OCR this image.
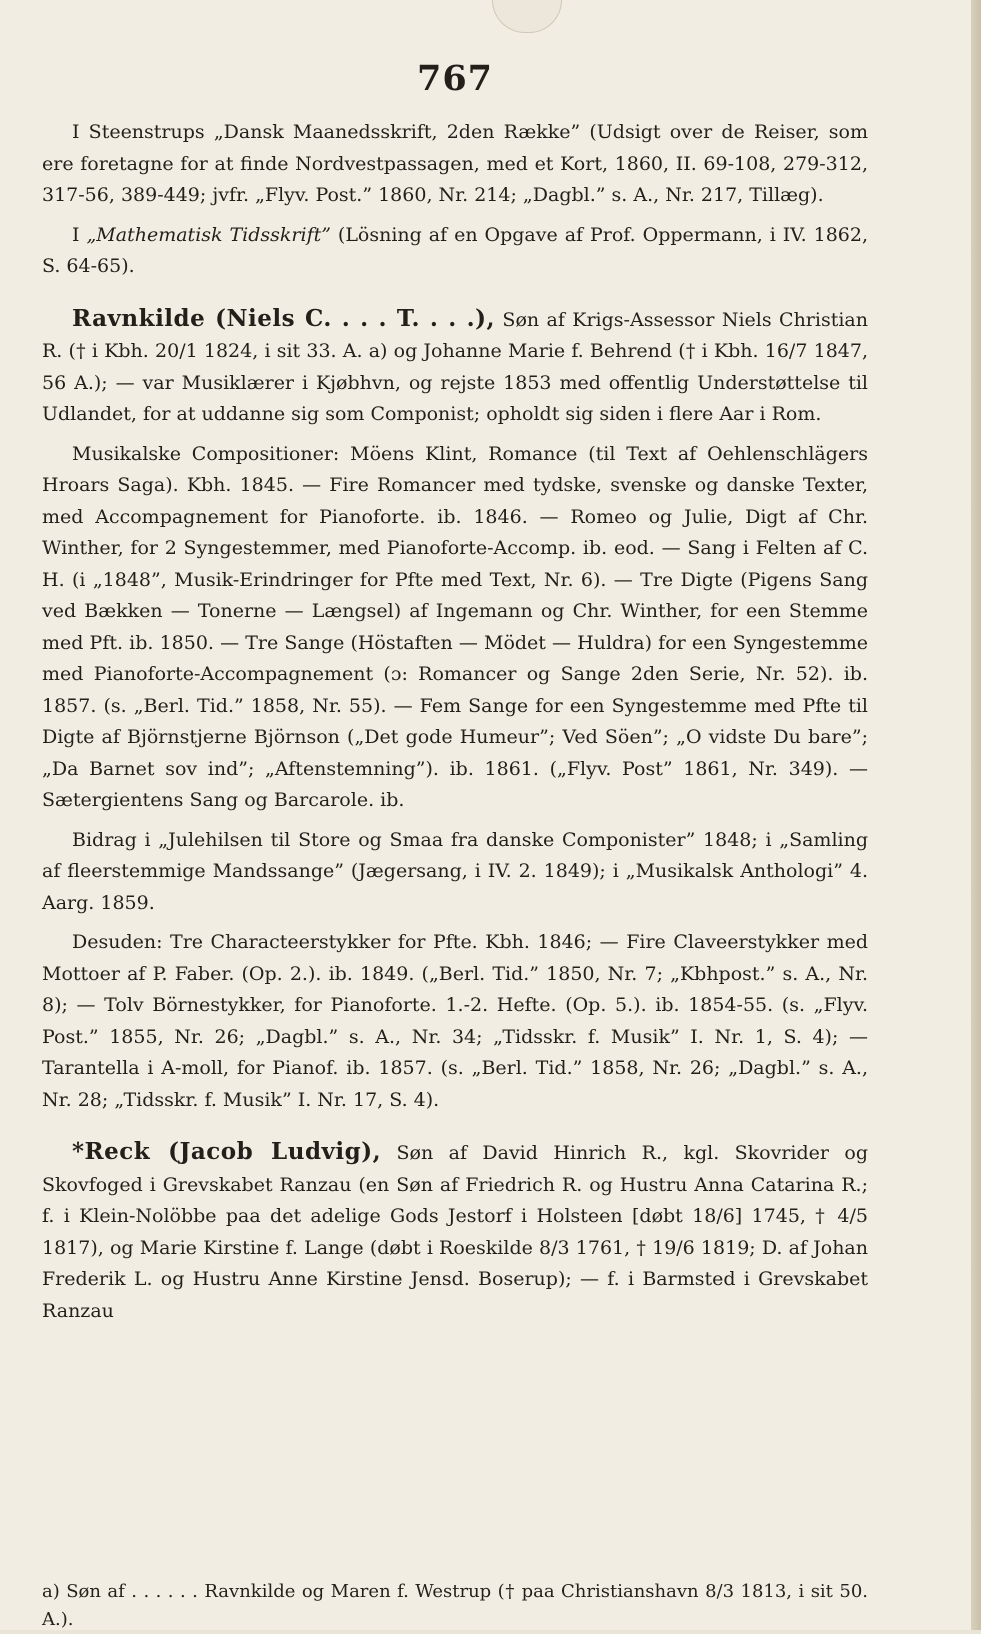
767

I Steenstrups „Dansk Maanedsskrift, 2den Række” (Udsigt over de Reiser, som ere foretagne for at finde Nordvestpassagen, med et Kort, 1860, II. 69-108, 279-312, 317-56, 389-449; jvfr. „Flyv. Post.” 1860, Nr. 214; „Dagbl.” s. A., Nr. 217, Tillæg).

I „Mathematisk Tidsskrift” (Lösning af en Opgave af Prof. Oppermann, i IV. 1862, S. 64-65).

Ravnkilde (Niels C. . . . T. . . .), Søn af Krigs-Assessor Niels Christian R. († i Kbh. 20/1 1824, i sit 33. A. a) og Johanne Marie f. Behrend († i Kbh. 16/7 1847, 56 A.); — var Musiklærer i Kjøbhvn, og rejste 1853 med offentlig Understøttelse til Udlandet, for at uddanne sig som Componist; opholdt sig siden i flere Aar i Rom.

Musikalske Compositioner: Möens Klint, Romance (til Text af Oehlenschlägers Hroars Saga). Kbh. 1845. — Fire Romancer med tydske, svenske og danske Texter, med Accompagnement for Pianoforte. ib. 1846. — Romeo og Julie, Digt af Chr. Winther, for 2 Syngestemmer, med Pianoforte-Accomp. ib. eod. — Sang i Felten af C. H. (i „1848”, Musik-Erindringer for Pfte med Text, Nr. 6). — Tre Digte (Pigens Sang ved Bækken — Tonerne — Længsel) af Ingemann og Chr. Winther, for een Stemme med Pft. ib. 1850. — Tre Sange (Höstaften — Mödet — Huldra) for een Syngestemme med Pianoforte-Accompagnement (ɔ: Romancer og Sange 2den Serie, Nr. 52). ib. 1857. (s. „Berl. Tid.” 1858, Nr. 55). — Fem Sange for een Syngestemme med Pfte til Digte af Björnstjerne Björnson („Det gode Humeur”; Ved Söen”; „O vidste Du bare”; „Da Barnet sov ind”; „Aftenstemning”). ib. 1861. („Flyv. Post” 1861, Nr. 349). — Sætergientens Sang og Barcarole. ib.

Bidrag i „Julehilsen til Store og Smaa fra danske Componister” 1848; i „Samling af fleerstemmige Mandssange” (Jægersang, i IV. 2. 1849); i „Musikalsk Anthologi” 4. Aarg. 1859.

Desuden: Tre Characteerstykker for Pfte. Kbh. 1846; — Fire Claveerstykker med Mottoer af P. Faber. (Op. 2.). ib. 1849. („Berl. Tid.” 1850, Nr. 7; „Kbhpost.” s. A., Nr. 8); — Tolv Börnestykker, for Pianoforte. 1.-2. Hefte. (Op. 5.). ib. 1854-55. (s. „Flyv. Post.” 1855, Nr. 26; „Dagbl.” s. A., Nr. 34; „Tidsskr. f. Musik” I. Nr. 1, S. 4); — Tarantella i A-moll, for Pianof. ib. 1857. (s. „Berl. Tid.” 1858, Nr. 26; „Dagbl.” s. A., Nr. 28; „Tidsskr. f. Musik” I. Nr. 17, S. 4).

*Reck (Jacob Ludvig), Søn af David Hinrich R., kgl. Skovrider og Skovfoged i Grevskabet Ranzau (en Søn af Friedrich R. og Hustru Anna Catarina R.; f. i Klein-Nolöbbe paa det adelige Gods Jestorf i Holsteen [døbt 18/6] 1745, † 4/5 1817), og Marie Kirstine f. Lange (døbt i Roeskilde 8/3 1761, † 19/6 1819; D. af Johan Frederik L. og Hustru Anne Kirstine Jensd. Boserup); — f. i Barmsted i Grevskabet Ranzau

a) Søn af . . . . . . Ravnkilde og Maren f. Westrup († paa Christianshavn 8/3 1813, i sit 50. A.).
